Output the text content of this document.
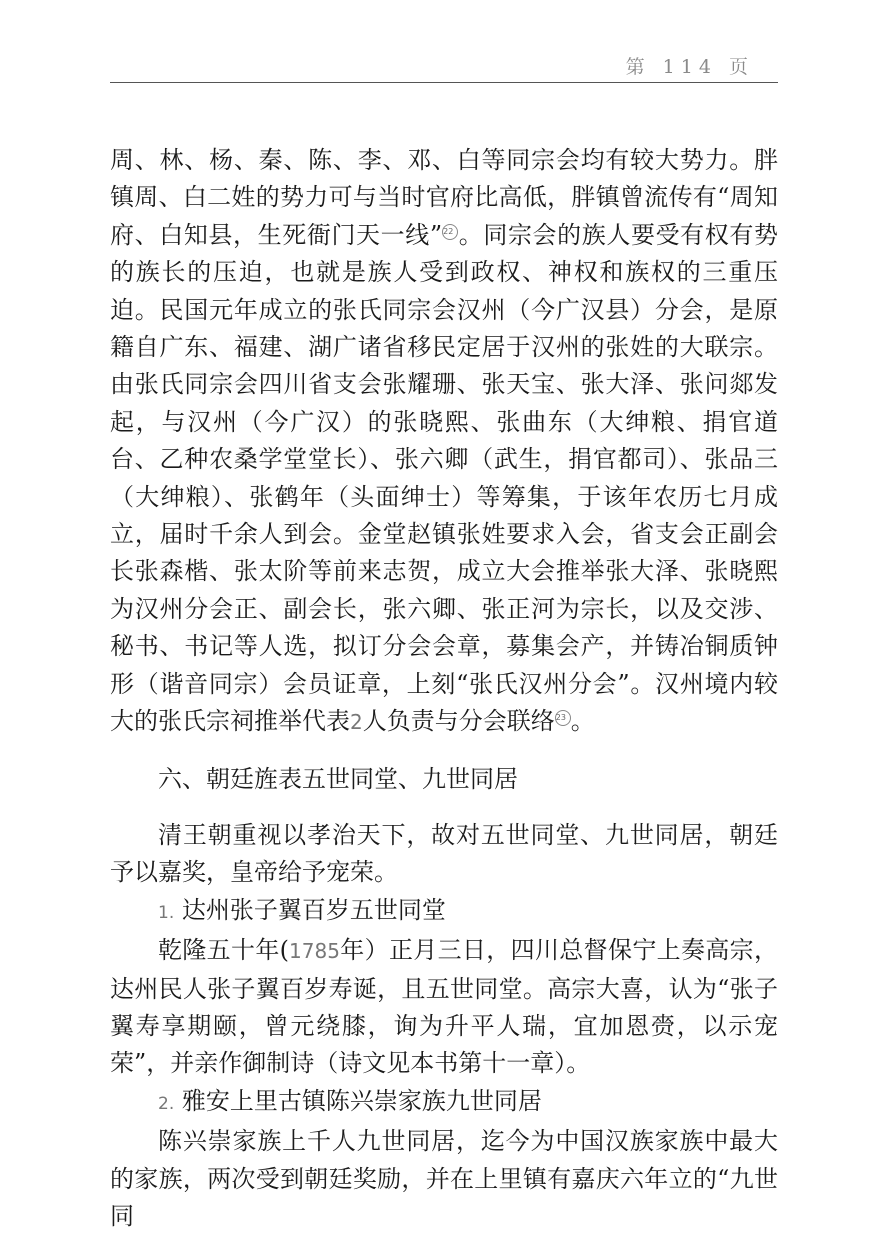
第 114 页

周、林、杨、秦、陈、李、邓、白等同宗会均有较大势力。胖镇周、白二姓的势力可与当时官府比高低，胖镇曾流传有“周知府、白知县，生死衙门天一线”22 。同宗会的族人要受有权有势的族长的压迫，也就是族人受到政权、神权和族权的三重压迫。民国元年成立的张氏同宗会汉州（今广汉县）分会，是原籍自广东、福建、湖广诸省移民定居于汉州的张姓的大联宗。由张氏同宗会四川省支会张耀珊、张天宝、张大泽、张问郯发起，与汉州（今广汉）的张晓熙、张曲东（大绅粮、捐官道台、乙种农桑学堂堂长）、张六卿（武生，捐官都司）、张品三（大绅粮）、张鹤年（头面绅士）等筹集，于该年农历七月成立，届时千余人到会。金堂赵镇张姓要求入会，省支会正副会长张森楷、张太阶等前来志贺，成立大会推举张大泽、张晓熙为汉州分会正、副会长，张六卿、张正河为宗长，以及交涉、秘书、书记等人选，拟订分会会章，募集会产，并铸冶铜质钟形（谐音同宗）会员证章，上刻“张氏汉州分会”。汉州境内较大的张氏宗祠推举代表2人负责与分会联络23 。

六、朝廷旌表五世同堂、九世同居

清王朝重视以孝治天下，故对五世同堂、九世同居，朝廷予以嘉奖，皇帝给予宠荣。

1. 达州张子翼百岁五世同堂

乾隆五十年(1785年）正月三日，四川总督保宁上奏高宗，达州民人张子翼百岁寿诞，且五世同堂。高宗大喜，认为“张子翼寿享期颐，曾元绕膝，询为升平人瑞，宜加恩赍，以示宠荣”，并亲作御制诗（诗文见本书第十一章）。

2. 雅安上里古镇陈兴崇家族九世同居

陈兴崇家族上千人九世同居，迄今为中国汉族家族中最大的家族，两次受到朝廷奖励，并在上里镇有嘉庆六年立的“九世同
